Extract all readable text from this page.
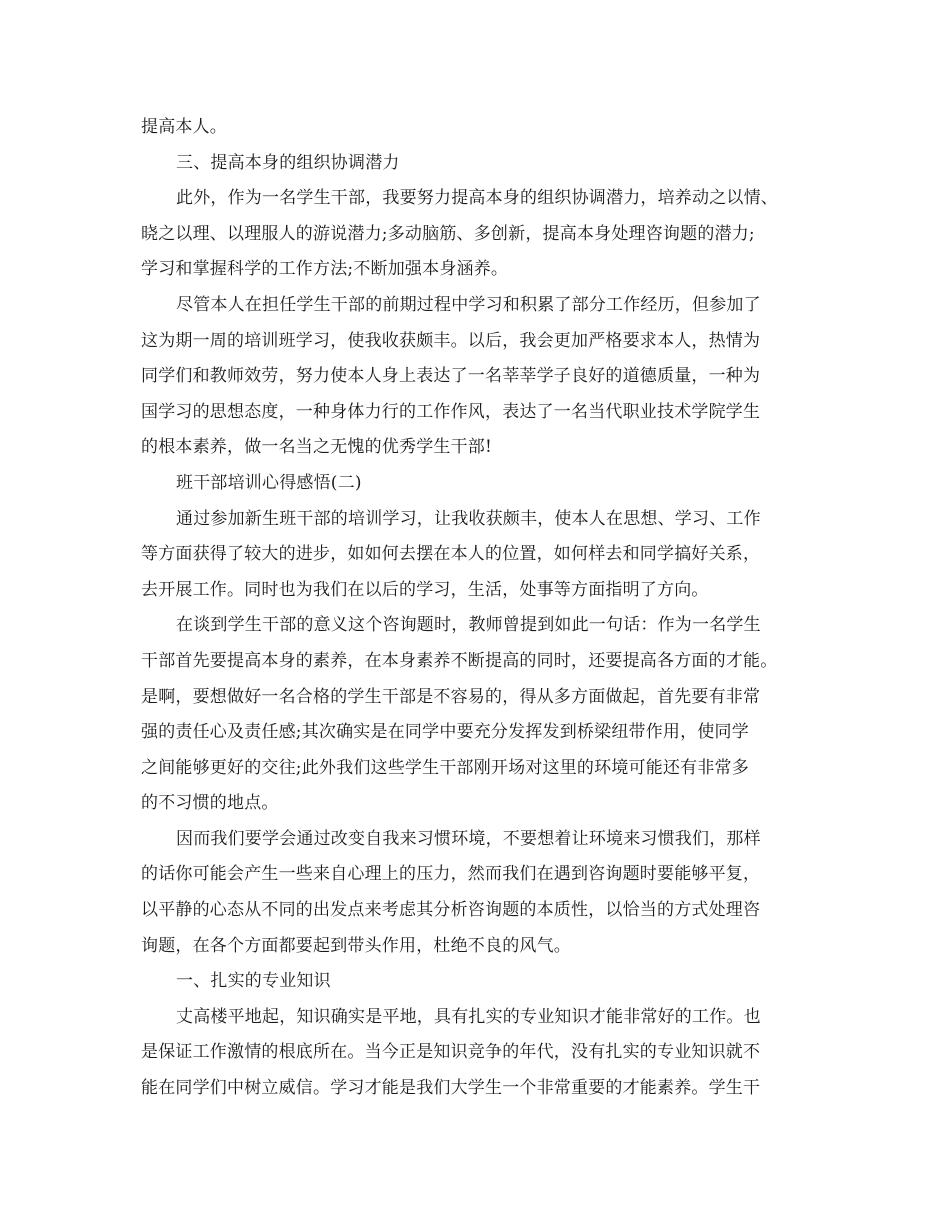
提高本人。
三、提高本身的组织协调潜力
此外，作为一名学生干部，我要努力提高本身的组织协调潜力，培养动之以情、
晓之以理、以理服人的游说潜力;多动脑筋、多创新，提高本身处理咨询题的潜力;
学习和掌握科学的工作方法;不断加强本身涵养。
尽管本人在担任学生干部的前期过程中学习和积累了部分工作经历，但参加了
这为期一周的培训班学习，使我收获颇丰。以后，我会更加严格要求本人，热情为
同学们和教师效劳，努力使本人身上表达了一名莘莘学子良好的道德质量，一种为
国学习的思想态度，一种身体力行的工作作风，表达了一名当代职业技术学院学生
的根本素养，做一名当之无愧的优秀学生干部!
班干部培训心得感悟(二)
通过参加新生班干部的培训学习，让我收获颇丰，使本人在思想、学习、工作
等方面获得了较大的进步，如如何去摆在本人的位置，如何样去和同学搞好关系，
去开展工作。同时也为我们在以后的学习，生活，处事等方面指明了方向。
在谈到学生干部的意义这个咨询题时，教师曾提到如此一句话：作为一名学生
干部首先要提高本身的素养，在本身素养不断提高的同时，还要提高各方面的才能。
是啊，要想做好一名合格的学生干部是不容易的，得从多方面做起，首先要有非常
强的责任心及责任感;其次确实是在同学中要充分发挥发到桥梁纽带作用，使同学
之间能够更好的交往;此外我们这些学生干部刚开场对这里的环境可能还有非常多
的不习惯的地点。
因而我们要学会通过改变自我来习惯环境，不要想着让环境来习惯我们，那样
的话你可能会产生一些来自心理上的压力，然而我们在遇到咨询题时要能够平复，
以平静的心态从不同的出发点来考虑其分析咨询题的本质性，以恰当的方式处理咨
询题，在各个方面都要起到带头作用，杜绝不良的风气。
一、扎实的专业知识
丈高楼平地起，知识确实是平地，具有扎实的专业知识才能非常好的工作。也
是保证工作激情的根底所在。当今正是知识竞争的年代，没有扎实的专业知识就不
能在同学们中树立威信。学习才能是我们大学生一个非常重要的才能素养。学生干
